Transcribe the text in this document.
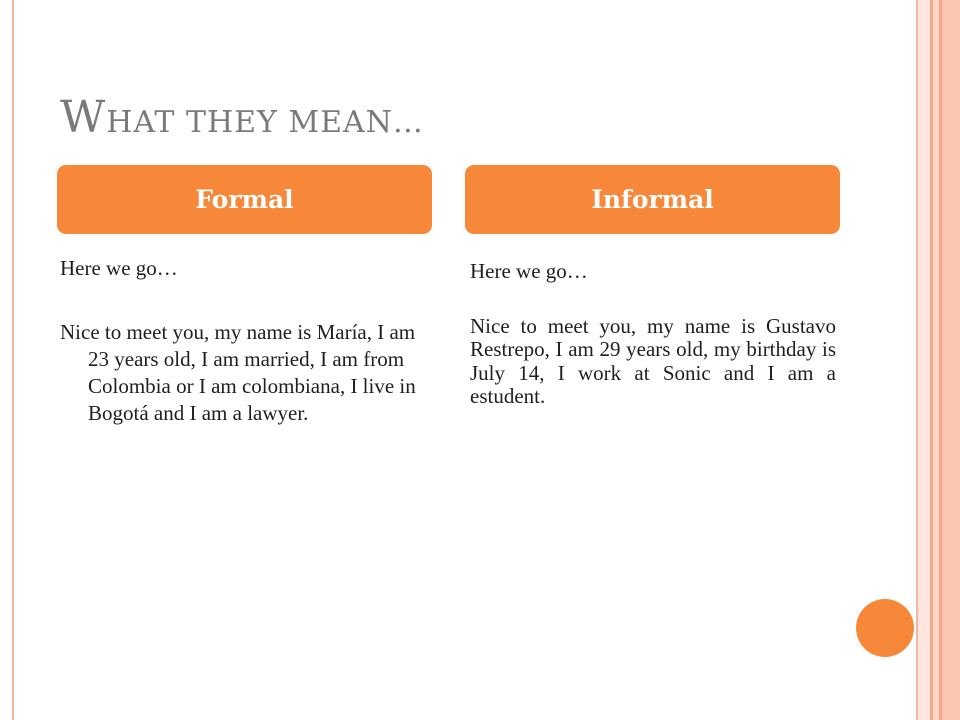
WHAT THEY MEAN…
Formal	Informal

Here we go…

Nice to meet you, my name is María, I am 23 years old, I am married, I am from Colombia or I am colombiana, I live in Bogotá and I am a lawyer.

Here we go…

Nice to meet you, my name is Gustavo Restrepo, I am 29 years old, my birthday is July 14, I work at Sonic and I am a estudent.
